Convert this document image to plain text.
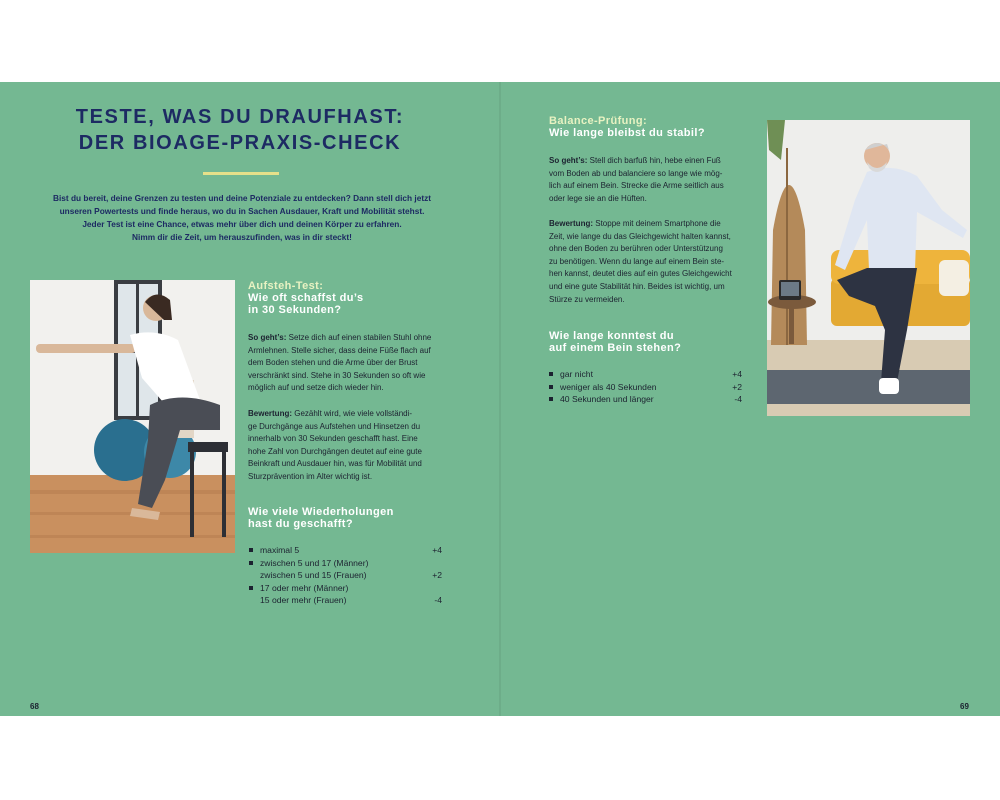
TESTE, WAS DU DRAUFHAST:
DER BIOAGE-PRAXIS-CHECK
Bist du bereit, deine Grenzen zu testen und deine Potenziale zu entdecken? Dann stell dich jetzt
unseren Powertests und finde heraus, wo du in Sachen Ausdauer, Kraft und Mobilität stehst.
Jeder Test ist eine Chance, etwas mehr über dich und deinen Körper zu erfahren.
Nimm dir die Zeit, um herauszufinden, was in dir steckt!
Aufsteh-Test:
Wie oft schaffst du’s
in 30 Sekunden?
So geht’s: Setze dich auf einen stabilen Stuhl ohne
Armlehnen. Stelle sicher, dass deine Füße flach auf
dem Boden stehen und die Arme über der Brust
verschränkt sind. Stehe in 30 Sekunden so oft wie
möglich auf und setze dich wieder hin.
Bewertung: Gezählt wird, wie viele vollständi-
ge Durchgänge aus Aufstehen und Hinsetzen du
innerhalb von 30 Sekunden geschafft hast. Eine
hohe Zahl von Durchgängen deutet auf eine gute
Beinkraft und Ausdauer hin, was für Mobilität und
Sturzprävention im Alter wichtig ist.
Wie viele Wiederholungen
hast du geschafft?
maximal 5	+4
zwischen 5 und 17 (Männer)
zwischen 5 und 15 (Frauen)	+2
17 oder mehr (Männer)
15 oder mehr (Frauen)	-4
68
Balance-Prüfung:
Wie lange bleibst du stabil?
So geht’s: Stell dich barfuß hin, hebe einen Fuß
vom Boden ab und balanciere so lange wie mög-
lich auf einem Bein. Strecke die Arme seitlich aus
oder lege sie an die Hüften.
Bewertung: Stoppe mit deinem Smartphone die
Zeit, wie lange du das Gleichgewicht halten kannst,
ohne den Boden zu berühren oder Unterstützung
zu benötigen. Wenn du lange auf einem Bein ste-
hen kannst, deutet dies auf ein gutes Gleichgewicht
und eine gute Stabilität hin. Beides ist wichtig, um
Stürze zu vermeiden.
Wie lange konntest du
auf einem Bein stehen?
gar nicht	+4
weniger als 40 Sekunden	+2
40 Sekunden und länger	-4
69
